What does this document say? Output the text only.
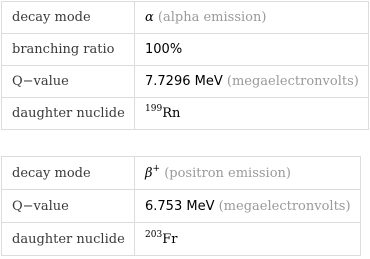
decay mode	α (alpha emission)
branching ratio	100%
Q−value	7.7296 MeV (megaelectronvolts)
daughter nuclide	$^{199}$Rn
decay mode	β+ (positron emission)
Q−value	6.753 MeV (megaelectronvolts)
daughter nuclide	$^{203}$Fr
